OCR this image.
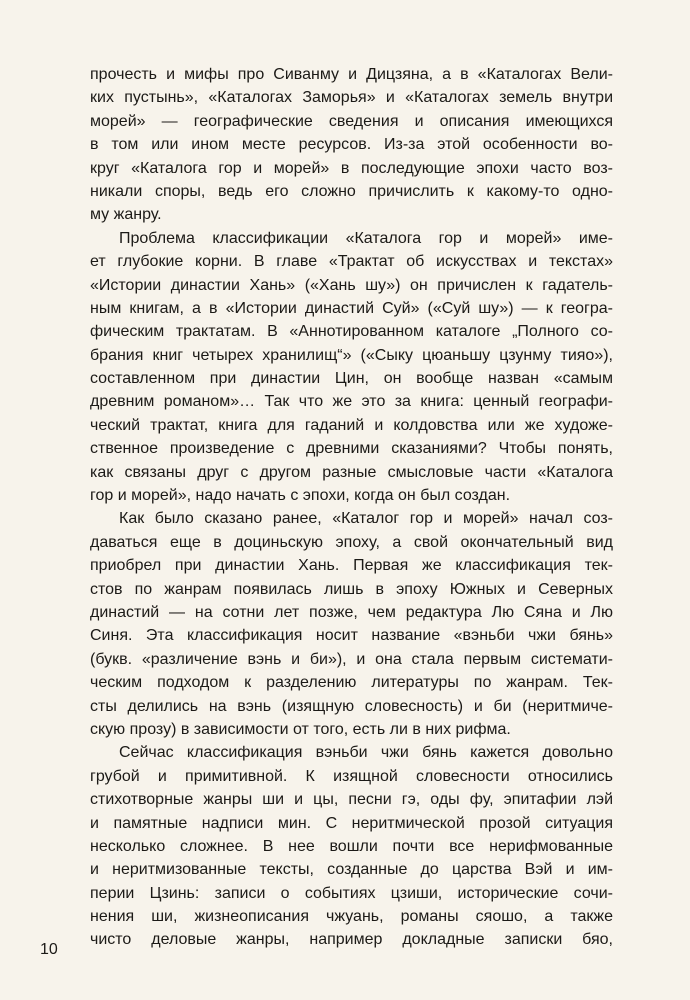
прочесть и мифы про Сиванму и Дицзяна, а в «Каталогах Вели-
ких пустынь», «Каталогах Заморья» и «Каталогах земель внутри
морей» — географические сведения и описания имеющихся
в том или ином месте ресурсов. Из-за этой особенности во-
круг «Каталога гор и морей» в последующие эпохи часто воз-
никали споры, ведь его сложно причислить к какому-то одно-
му жанру.
Проблема классификации «Каталога гор и морей» име-
ет глубокие корни. В главе «Трактат об искусствах и текстах»
«Истории династии Хань» («Хань шу») он причислен к гадатель-
ным книгам, а в «Истории династий Суй» («Суй шу») — к геогра-
фическим трактатам. В «Аннотированном каталоге „Полного со-
брания книг четырех хранилищ“» («Сыку цюаньшу цзунму тияо»),
составленном при династии Цин, он вообще назван «самым
древним романом»… Так что же это за книга: ценный географи-
ческий трактат, книга для гаданий и колдовства или же художе-
ственное произведение с древними сказаниями? Чтобы понять,
как связаны друг с другом разные смысловые части «Каталога
гор и морей», надо начать с эпохи, когда он был создан.
Как было сказано ранее, «Каталог гор и морей» начал соз-
даваться еще в доциньскую эпоху, а свой окончательный вид
приобрел при династии Хань. Первая же классификация тек-
стов по жанрам появилась лишь в эпоху Южных и Северных
династий — на сотни лет позже, чем редактура Лю Сяна и Лю
Синя. Эта классификация носит название «вэньби чжи бянь»
(букв. «различение вэнь и би»), и она стала первым системати-
ческим подходом к разделению литературы по жанрам. Тек-
сты делились на вэнь (изящную словесность) и би (неритмиче-
скую прозу) в зависимости от того, есть ли в них рифма.
Сейчас классификация вэньби чжи бянь кажется довольно
грубой и примитивной. К изящной словесности относились
стихотворные жанры ши и цы, песни гэ, оды фу, эпитафии лэй
и памятные надписи мин. С неритмической прозой ситуация
несколько сложнее. В нее вошли почти все нерифмованные
и неритмизованные тексты, созданные до царства Вэй и им-
перии Цзинь: записи о событиях цзиши, исторические сочи-
нения ши, жизнеописания чжуань, романы сяошо, а также
чисто деловые жанры, например докладные записки бяо,
10
